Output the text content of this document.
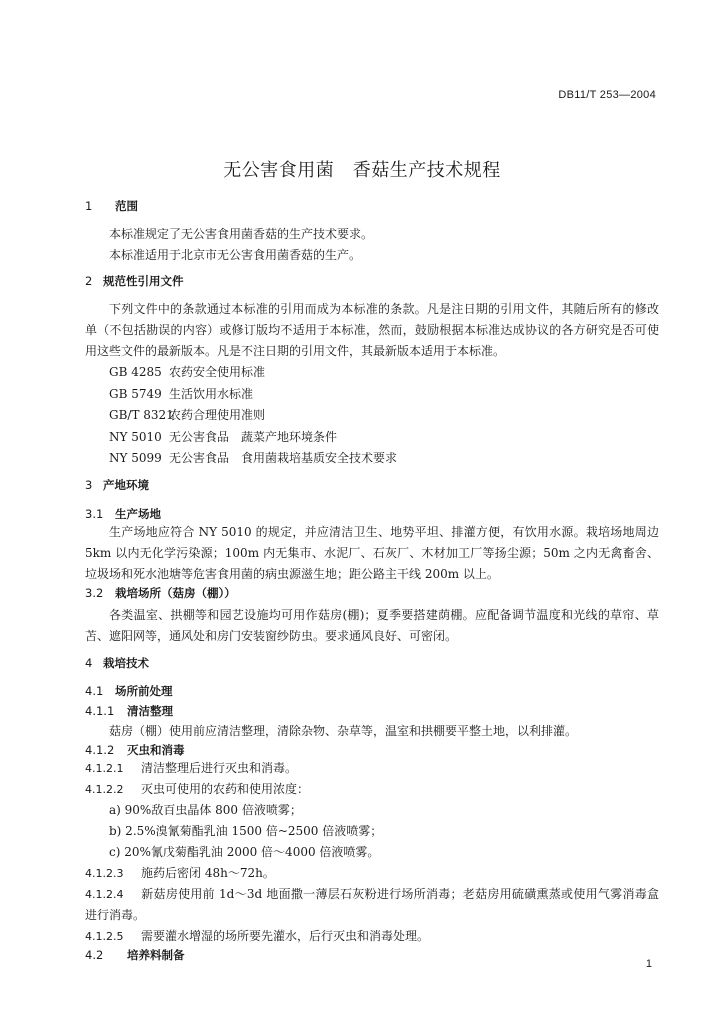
DB11/T 253—2004
无公害食用菌　香菇生产技术规程
1 范围

本标准规定了无公害食用菌香菇的生产技术要求。

本标准适用于北京市无公害食用菌香菇的生产。

2 规范性引用文件

下列文件中的条款通过本标准的引用而成为本标准的条款。凡是注日期的引用文件，其随后所有的修改单（不包括勘误的内容）或修订版均不适用于本标准，然而，鼓励根据本标准达成协议的各方研究是否可使用这些文件的最新版本。凡是不注日期的引用文件，其最新版本适用于本标准。

GB 4285 农药安全使用标准
GB 5749 生活饮用水标准
GB/T 8321农药合理使用准则
NY 5010 无公害食品　蔬菜产地环境条件
NY 5099 无公害食品　食用菌栽培基质安全技术要求
3 产地环境
3.1 生产场地

生产场地应符合 NY 5010 的规定，并应清洁卫生、地势平坦、排灌方便，有饮用水源。栽培场地周边 5km 以内无化学污染源；100m 内无集市、水泥厂、石灰厂、木材加工厂等扬尘源；50m 之内无禽畜舍、垃圾场和死水池塘等危害食用菌的病虫源滋生地；距公路主干线 200m 以上。

3.2 栽培场所（菇房（棚））

各类温室、拱棚等和园艺设施均可用作菇房(棚)；夏季要搭建荫棚。应配备调节温度和光线的草帘、草苫、遮阳网等，通风处和房门安装窗纱防虫。要求通风良好、可密闭。

4 栽培技术
4.1 场所前处理
4.1.1 清洁整理

菇房（棚）使用前应清洁整理，清除杂物、杂草等，温室和拱棚要平整土地，以利排灌。

4.1.2 灭虫和消毒
4.1.2.1 清洁整理后进行灭虫和消毒。
4.1.2.2 灭虫可使用的农药和使用浓度：
a) 90%敌百虫晶体 800 倍液喷雾；
b) 2.5%溴氰菊酯乳油 1500 倍~2500 倍液喷雾；
c) 20%氰戊菊酯乳油 2000 倍～4000 倍液喷雾。
4.1.2.3 施药后密闭 48h～72h。
4.1.2.4 新菇房使用前 1d～3d 地面撒一薄层石灰粉进行场所消毒；老菇房用硫磺熏蒸或使用气雾消毒盒进行消毒。
4.1.2.5 需要灌水增湿的场所要先灌水，后行灭虫和消毒处理。
4.2 培养料制备
1
